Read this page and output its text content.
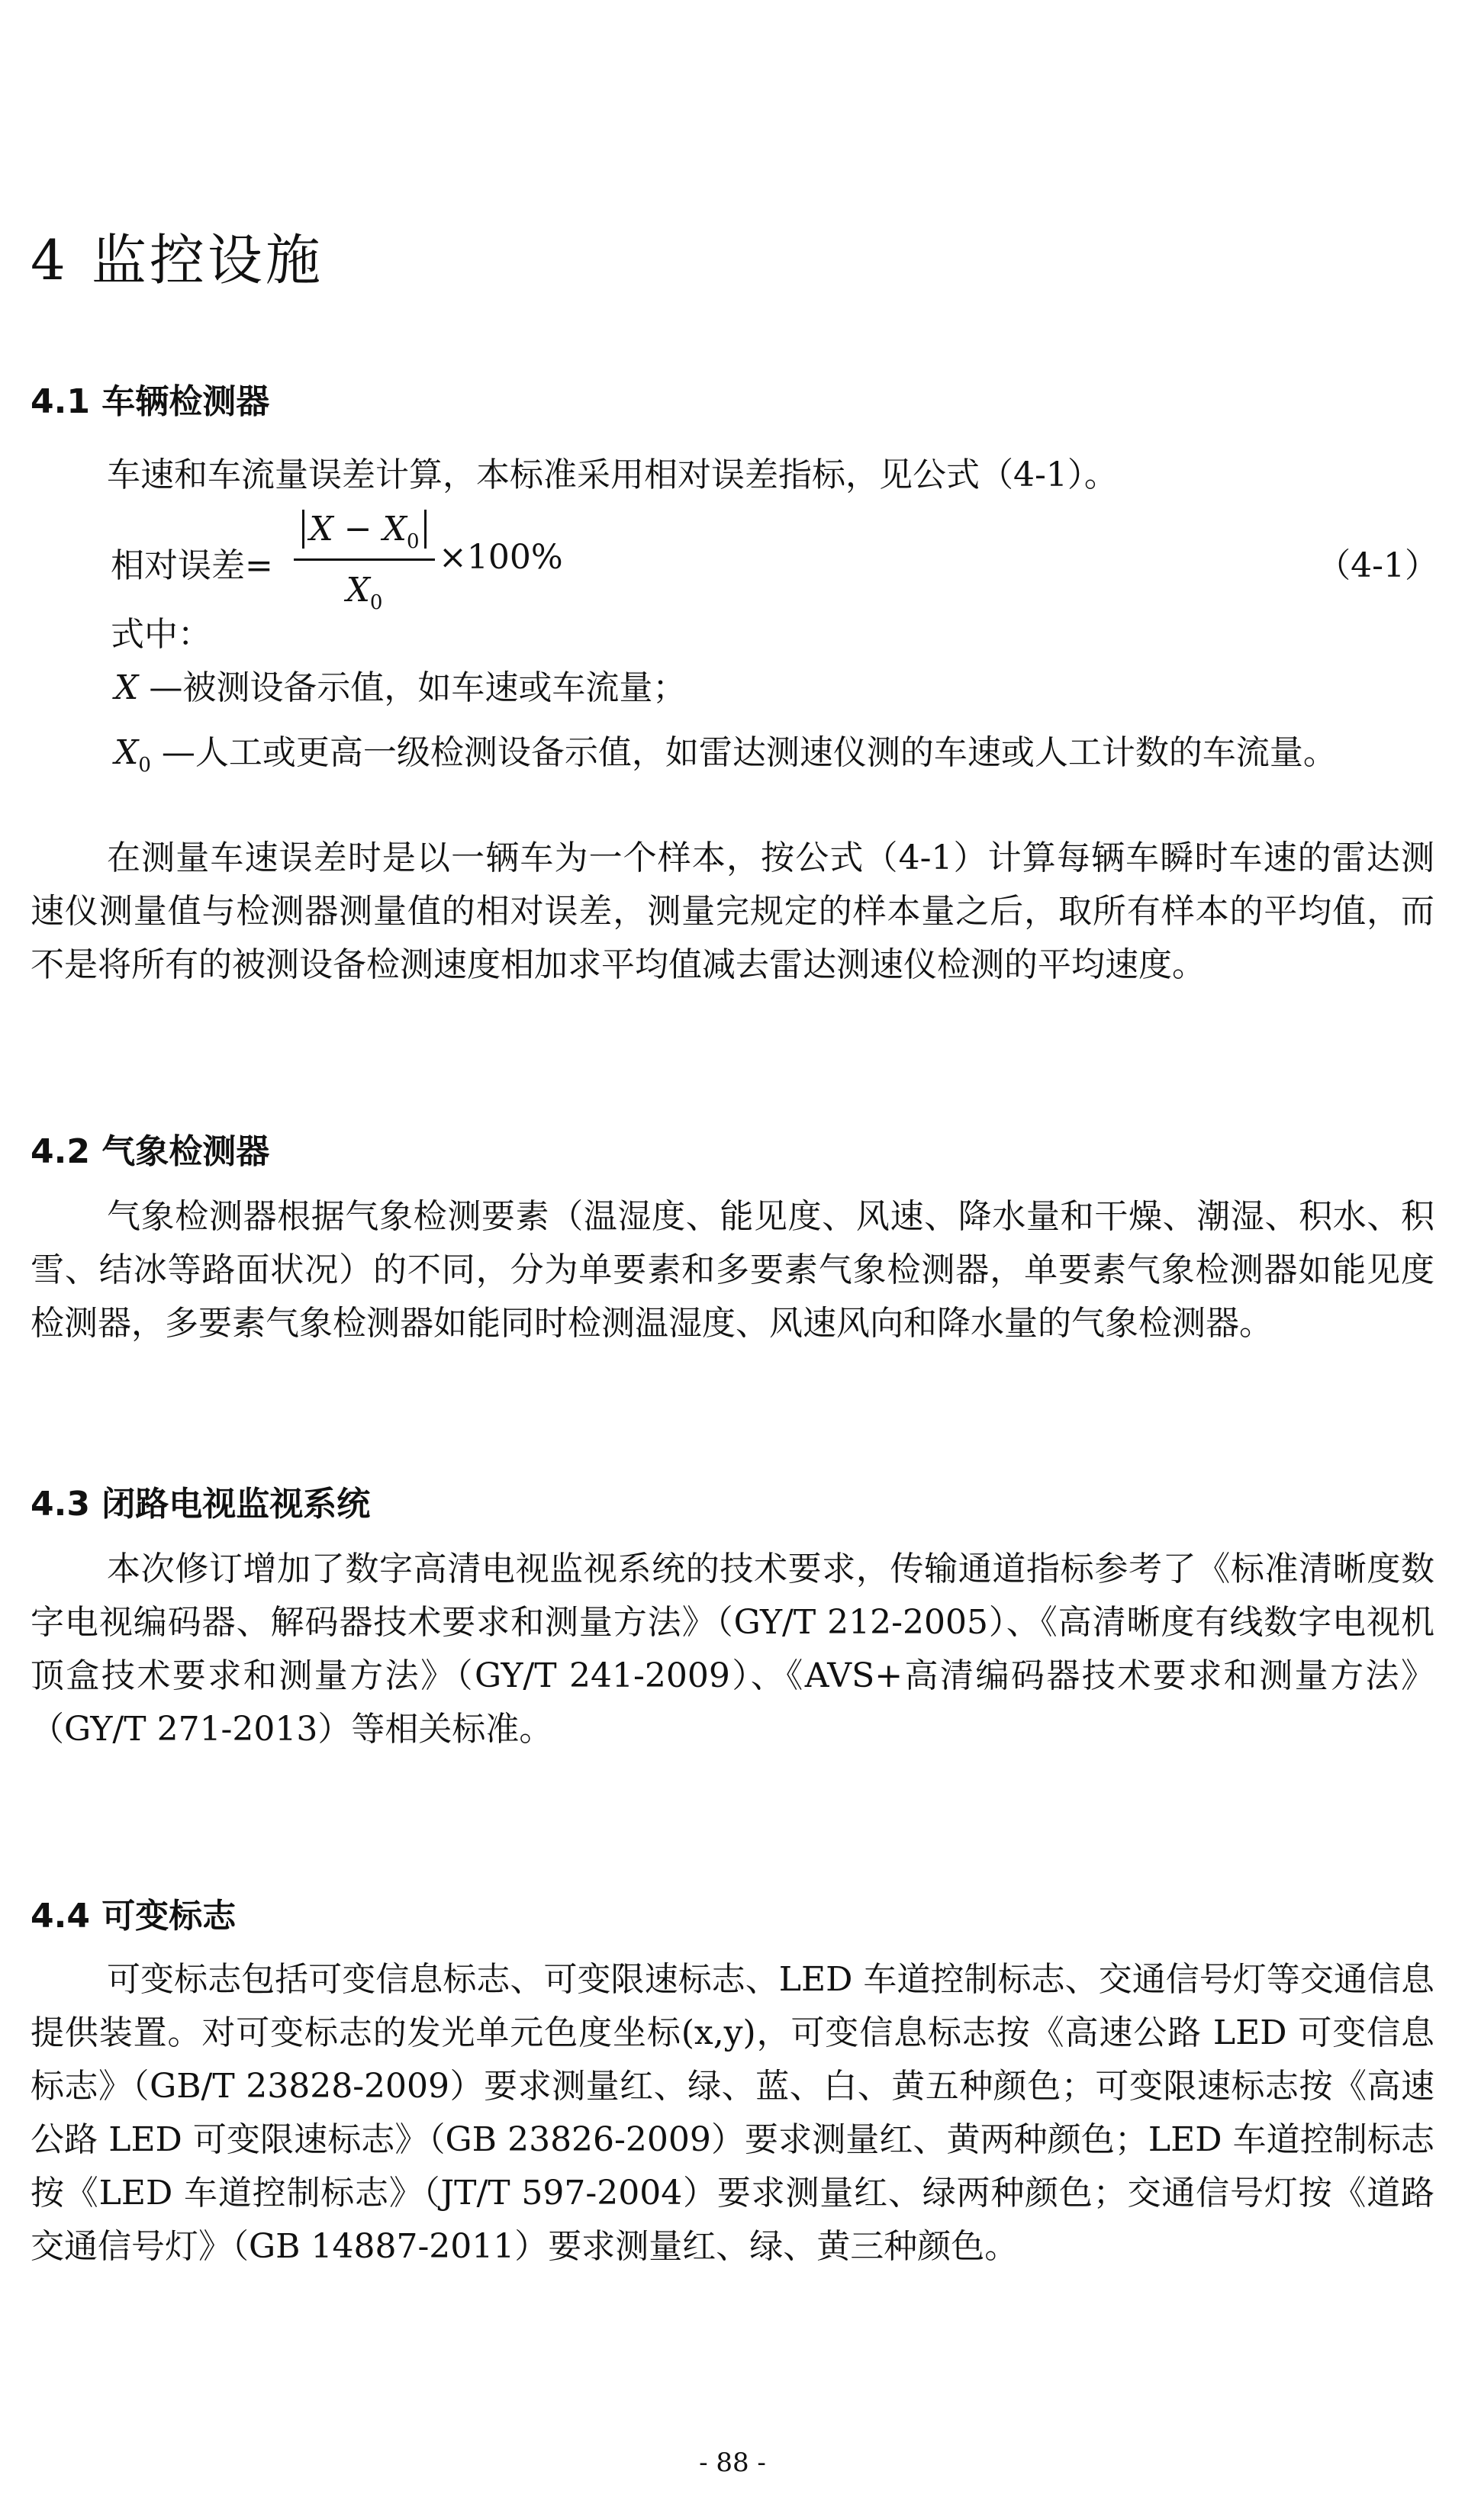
4 监控设施
4.1 车辆检测器
车速和车流量误差计算，本标准采用相对误差指标，见公式（4-1）。
相对误差=
$X - X_0$
$X_0$
×100%	（4-1）
式中：
X —被测设备示值，如车速或车流量；
$X_0$ —人工或更高一级检测设备示值，如雷达测速仪测的车速或人工计数的车流量。
在测量车速误差时是以一辆车为一个样本，按公式（4-1）计算每辆车瞬时车速的雷达测速仪测量值与检测器测量值的相对误差，测量完规定的样本量之后，取所有样本的平均值，而不是将所有的被测设备检测速度相加求平均值减去雷达测速仪检测的平均速度。
4.2 气象检测器
气象检测器根据气象检测要素（温湿度、能见度、风速、降水量和干燥、潮湿、积水、积雪、结冰等路面状况）的不同，分为单要素和多要素气象检测器，单要素气象检测器如能见度检测器，多要素气象检测器如能同时检测温湿度、风速风向和降水量的气象检测器。
4.3 闭路电视监视系统
本次修订增加了数字高清电视监视系统的技术要求，传输通道指标参考了《标准清晰度数字电视编码器、解码器技术要求和测量方法》（GY/T 212-2005）、《高清晰度有线数字电视机顶盒技术要求和测量方法》（GY/T 241-2009）、《AVS+高清编码器技术要求和测量方法》（GY/T 271-2013）等相关标准。
4.4 可变标志
可变标志包括可变信息标志、可变限速标志、LED 车道控制标志、交通信号灯等交通信息提供装置。对可变标志的发光单元色度坐标(x,y)，可变信息标志按《高速公路 LED 可变信息标志》（GB/T 23828-2009）要求测量红、绿、蓝、白、黄五种颜色；可变限速标志按《高速公路 LED 可变限速标志》（GB 23826-2009）要求测量红、黄两种颜色；LED 车道控制标志按《LED 车道控制标志》（JT/T 597-2004）要求测量红、绿两种颜色；交通信号灯按《道路交通信号灯》（GB 14887-2011）要求测量红、绿、黄三种颜色。
- 88 -
